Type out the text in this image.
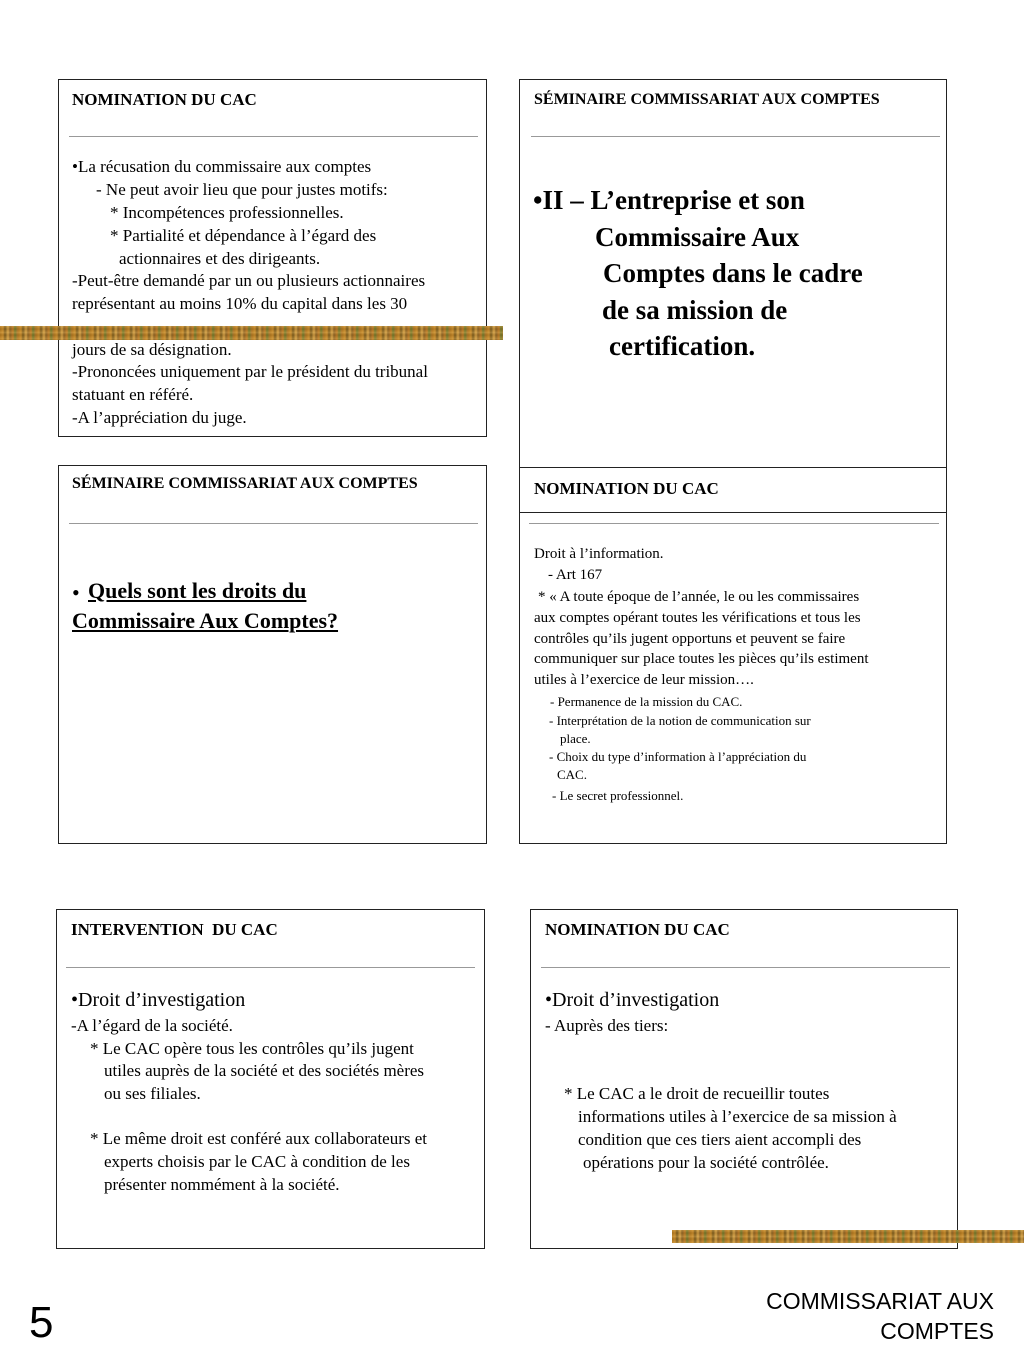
NOMINATION DU CAC
•La récusation du commissaire aux comptes
- Ne peut avoir lieu que pour justes motifs:
* Incompétences professionnelles.
* Partialité et dépendance à l’égard des
actionnaires et des dirigeants.
-Peut-être demandé par un ou plusieurs actionnaires
représentant au moins 10% du capital dans les 30
jours de sa désignation.
-Prononcées uniquement par le président du tribunal
statuant en référé.
-A l’appréciation du juge.
SÉMINAIRE COMMISSARIAT AUX COMPTES
•II – L’entreprise et son
Commissaire Aux
Comptes dans le cadre
de sa mission de
certification.
SÉMINAIRE COMMISSARIAT AUX COMPTES
• Quels sont les droits du
Commissaire Aux Comptes?
NOMINATION DU CAC
Droit à l’information.
- Art 167
* « A toute époque de l’année, le ou les commissaires
aux comptes opérant toutes les vérifications et tous les
contrôles qu’ils jugent opportuns et peuvent se faire
communiquer sur place toutes les pièces qu’ils estiment
utiles à l’exercice de leur mission….
- Permanence de la mission du CAC.
- Interprétation de la notion de communication sur
place.
- Choix du type d’information à l’appréciation du
CAC.
- Le secret professionnel.
INTERVENTION  DU CAC
•Droit d’investigation
-A l’égard de la société.
* Le CAC opère tous les contrôles qu’ils jugent
utiles auprès de la société et des sociétés mères
ou ses filiales.
* Le même droit est conféré aux collaborateurs et
experts choisis par le CAC à condition de les
présenter nommément à la société.
NOMINATION DU CAC
•Droit d’investigation
- Auprès des tiers:
* Le CAC a le droit de recueillir toutes
informations utiles à l’exercice de sa mission à
condition que ces tiers aient accompli des
opérations pour la société contrôlée.
5	COMMISSARIAT AUX
COMPTES
